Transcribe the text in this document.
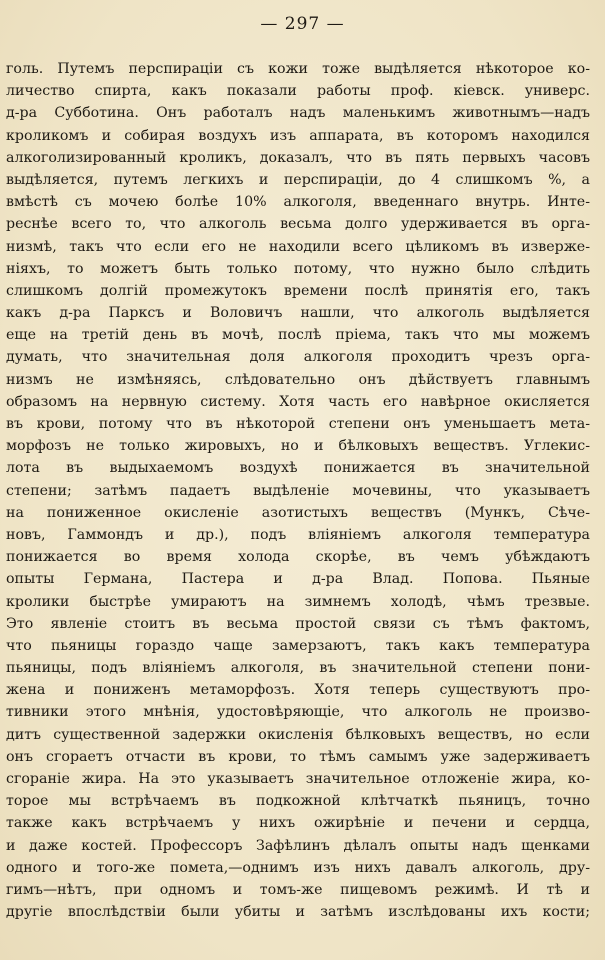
— 297 —
голь. Путемъ перспираціи съ кожи тоже выдѣляется нѣкоторое ко-
личество спирта, какъ показали работы проф. кіевск. универс.
д-ра Субботина. Онъ работалъ надъ маленькимъ животнымъ—надъ
кроликомъ и собирая воздухъ изъ аппарата, въ которомъ находился
алкоголизированный кроликъ, доказалъ, что въ пять первыхъ часовъ
выдѣляется, путемъ легкихъ и перспираціи, до 4 слишкомъ %, а
вмѣстѣ съ мочею болѣе 10% алкоголя, введеннаго внутрь. Инте-
реснѣе всего то, что алкоголь весьма долго удерживается въ орга-
низмѣ, такъ что если его не находили всего цѣликомъ въ изверже-
ніяхъ, то можетъ быть только потому, что нужно было слѣдить
слишкомъ долгій промежутокъ времени послѣ принятія его, такъ
какъ д-ра Парксъ и Воловичъ нашли, что алкоголь выдѣляется
еще на третій день въ мочѣ, послѣ пріема, такъ что мы можемъ
думать, что значительная доля алкоголя проходитъ чрезъ орга-
низмъ не измѣняясь, слѣдовательно онъ дѣйствуетъ главнымъ
образомъ на нервную систему. Хотя часть его навѣрное окисляется
въ крови, потому что въ нѣкоторой степени онъ уменьшаетъ мета-
морфозъ не только жировыхъ, но и бѣлковыхъ веществъ. Углекис-
лота въ выдыхаемомъ воздухѣ понижается въ значительной
степени; затѣмъ падаетъ выдѣленіе мочевины, что указываетъ
на пониженное окисленіе азотистыхъ веществъ (Мункъ, Сѣче-
новъ, Гаммондъ и др.), подъ вліяніемъ алкоголя температура
понижается во время холода скорѣе, въ чемъ убѣждаютъ
опыты Германа, Пастера и д-ра Влад. Попова. Пьяные
кролики быстрѣе умираютъ на зимнемъ холодѣ, чѣмъ трезвые.
Это явленіе стоитъ въ весьма простой связи съ тѣмъ фактомъ,
что пьяницы гораздо чаще замерзаютъ, такъ какъ температура
пьяницы, подъ вліяніемъ алкоголя, въ значительной степени пони-
жена и пониженъ метаморфозъ. Хотя теперь существуютъ про-
тивники этого мнѣнія, удостовѣряющіе, что алкоголь не произво-
дитъ существенной задержки окисленія бѣлковыхъ веществъ, но если
онъ сгораетъ отчасти въ крови, то тѣмъ самымъ уже задерживаетъ
сгораніе жира. На это указываетъ значительное отложеніе жира, ко-
торое мы встрѣчаемъ въ подкожной клѣтчаткѣ пьяницъ, точно
также какъ встрѣчаемъ у нихъ ожирѣніе и печени и сердца,
и даже костей. Профессоръ Зафѣлинъ дѣлалъ опыты надъ щенками
одного и того-же помета,—однимъ изъ нихъ давалъ алкоголь, дру-
гимъ—нѣтъ, при одномъ и томъ-же пищевомъ режимѣ. И тѣ и
другіе впослѣдствіи были убиты и затѣмъ изслѣдованы ихъ кости;
